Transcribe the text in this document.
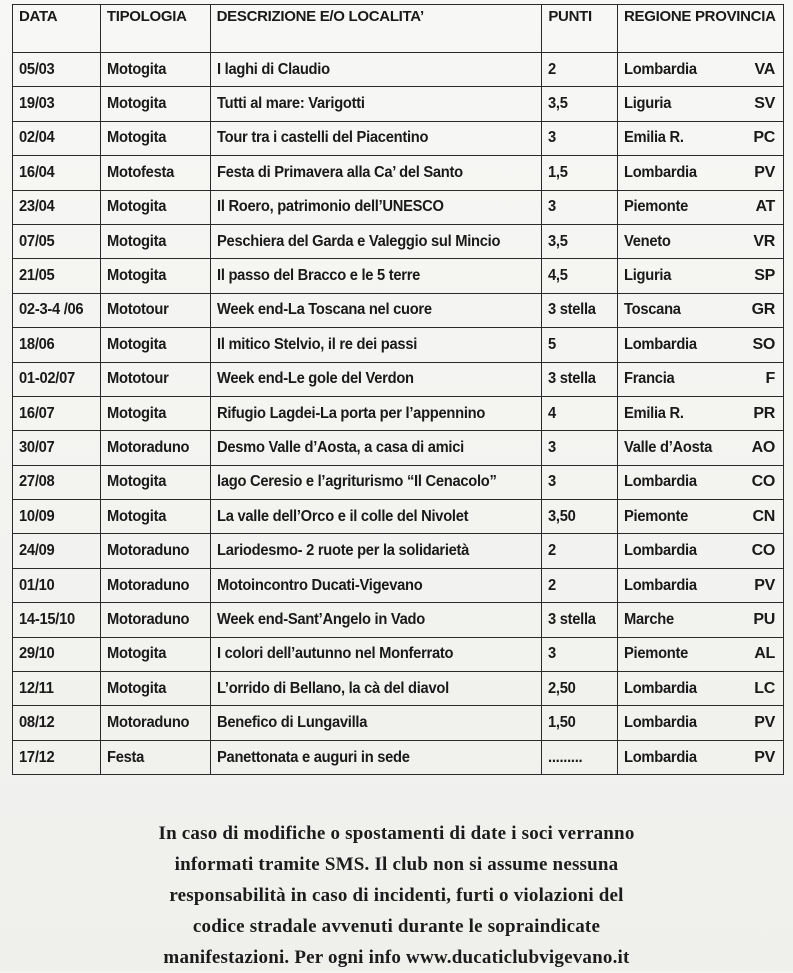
DATA	TIPOLOGIA	DESCRIZIONE E/O LOCALITA’	PUNTI	REGIONE PROVINCIA
05/03	Motogita	I laghi di Claudio	2	Lombardia VA

19/03	Motogita	Tutti al mare: Varigotti	3,5	Liguria SV

02/04	Motogita	Tour tra i castelli del Piacentino	3	Emilia R. PC

16/04	Motofesta	Festa di Primavera alla Ca’ del Santo	1,5	Lombardia PV

23/04	Motogita	Il Roero, patrimonio dell’UNESCO	3	Piemonte AT

07/05	Motogita	Peschiera del Garda e Valeggio sul Mincio	3,5	Veneto VR

21/05	Motogita	Il passo del Bracco e le 5 terre	4,5	Liguria SP

02-3-4 /06	Mototour	Week end-La Toscana nel cuore	3 stella	Toscana GR

18/06	Motogita	Il mitico Stelvio, il re dei passi	5	Lombardia SO

01-02/07	Mototour	Week end-Le gole del Verdon	3 stella	Francia F

16/07	Motogita	Rifugio Lagdei-La porta per l’appennino	4	Emilia R. PR

30/07	Motoraduno	Desmo Valle d’Aosta, a casa di amici	3	Valle d’Aosta AO

27/08	Motogita	lago Ceresio e l’agriturismo “Il Cenacolo”	3	Lombardia CO

10/09	Motogita	La valle dell’Orco e il colle del Nivolet	3,50	Piemonte CN

24/09	Motoraduno	Lariodesmo- 2 ruote per la solidarietà	2	Lombardia CO

01/10	Motoraduno	Motoincontro Ducati-Vigevano	2	Lombardia PV

14-15/10	Motoraduno	Week end-Sant’Angelo in Vado	3 stella	Marche PU

29/10	Motogita	I colori dell’autunno nel Monferrato	3	Piemonte AL

12/11	Motogita	L’orrido di Bellano, la cà del diavol	2,50	Lombardia LC

08/12	Motoraduno	Benefico di Lungavilla	1,50	Lombardia PV

17/12	Festa	Panettonata e auguri in sede	.........	Lombardia PV
In caso di modifiche o spostamenti di date i soci verranno
informati tramite SMS. Il club non si assume nessuna
responsabilità in caso di incidenti, furti o violazioni del
codice stradale avvenuti durante le sopraindicate
manifestazioni. Per ogni info www.ducaticlubvigevano.it
